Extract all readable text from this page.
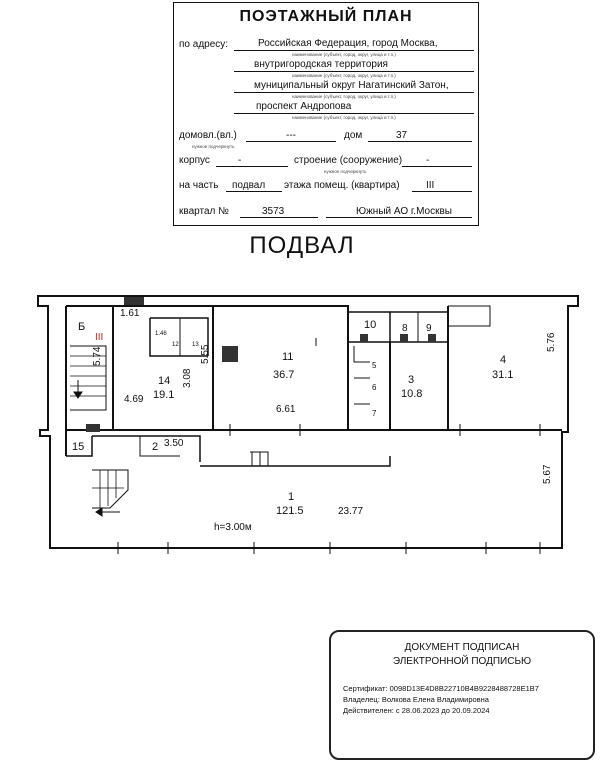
ПОЭТАЖНЫЙ ПЛАН
по адресу:	Российская Федерация, город Москва,
наименование (субъект, город, округ, улица и т.п.)
внутригородская территория
наименование (субъект, город, округ, улица и т.п.)
муниципальный округ Нагатинский Затон,
наименование (субъект, город, округ, улица и т.п.)
проспект Андропова
наименование (субъект, город, округ, улица и т.п.)
домовл.(вл.)	---	дом	37
нужное подчеркнуть
корпус	-	строение (сооружение) -
нужное подчеркнуть
на часть подвал этажа помещ. (квартира)	III
квартал №	3573	Южный АО г.Москвы
ПОДВАЛ
Б
III
14
19.1
11
36.7	3
10.8
4
31.1
1
121.5
2
15
10	8 9
12 13
5
6
7
1.61
5.74
4.69
3.08
5.55
6.61
5.76
3.50
5.67
23.77
1.46
h=3.00м
ДОКУМЕНТ ПОДПИСАН
ЭЛЕКТРОННОЙ ПОДПИСЬЮ
Сертификат: 0098D13E4D8B22710B4B9228488728E1B7
Владелец: Волкова Елена Владимировна
Действителен: с 28.06.2023 до 20.09.2024
